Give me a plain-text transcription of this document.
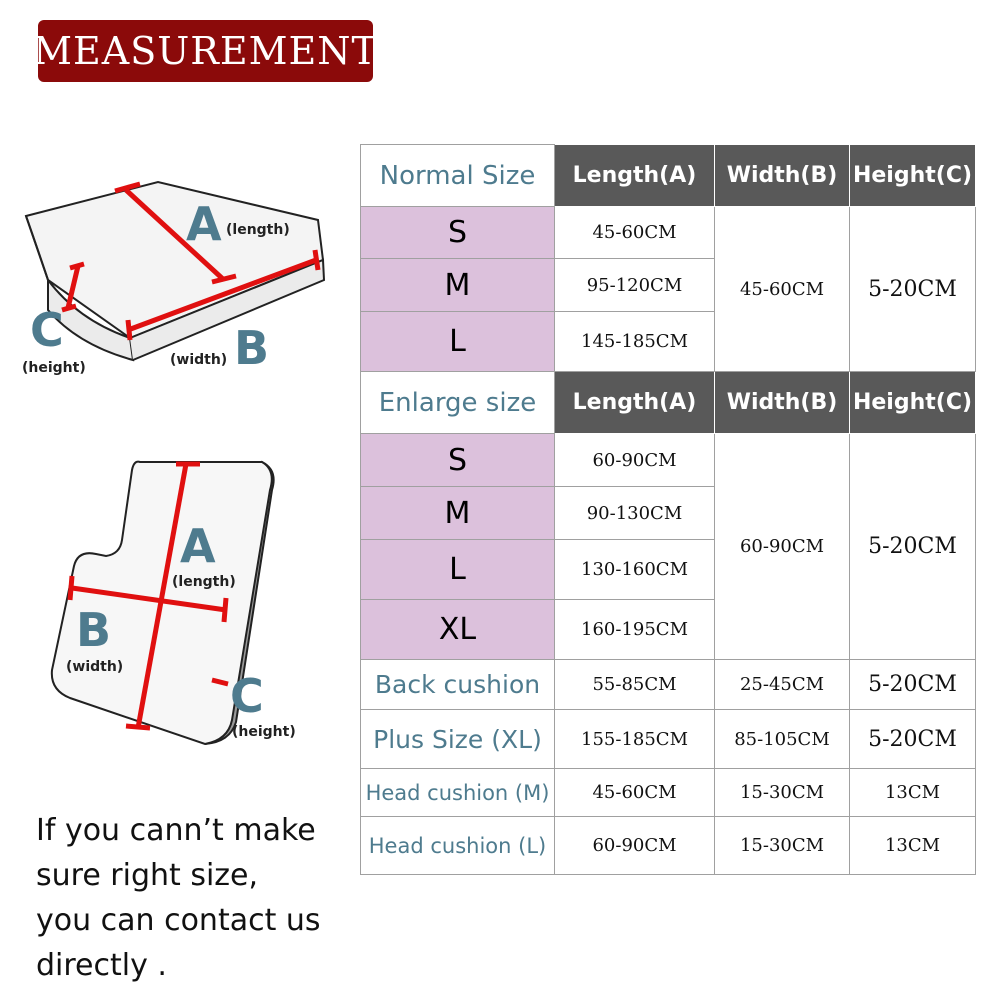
MEASUREMENT
A (length)
B
(width)
C
(height)
A
(length)
B
(width)
C
(height)
If you cann’t make
sure right size,
you can contact us
directly .
Normal Size	Length(A)	Width(B)	Height(C)
S	45-60CM	45-60CM	5-20CM
M	95-120CM		
L	145-185CM		
Enlarge size	Length(A)	Width(B)	Height(C)
S	60-90CM	60-90CM	5-20CM
M	90-130CM		
L	130-160CM		
XL	160-195CM		
Back cushion	55-85CM	25-45CM	5-20CM
Plus Size (XL)	155-185CM	85-105CM	5-20CM
Head cushion (M)	45-60CM	15-30CM	13CM
Head cushion (L)	60-90CM	15-30CM	13CM
